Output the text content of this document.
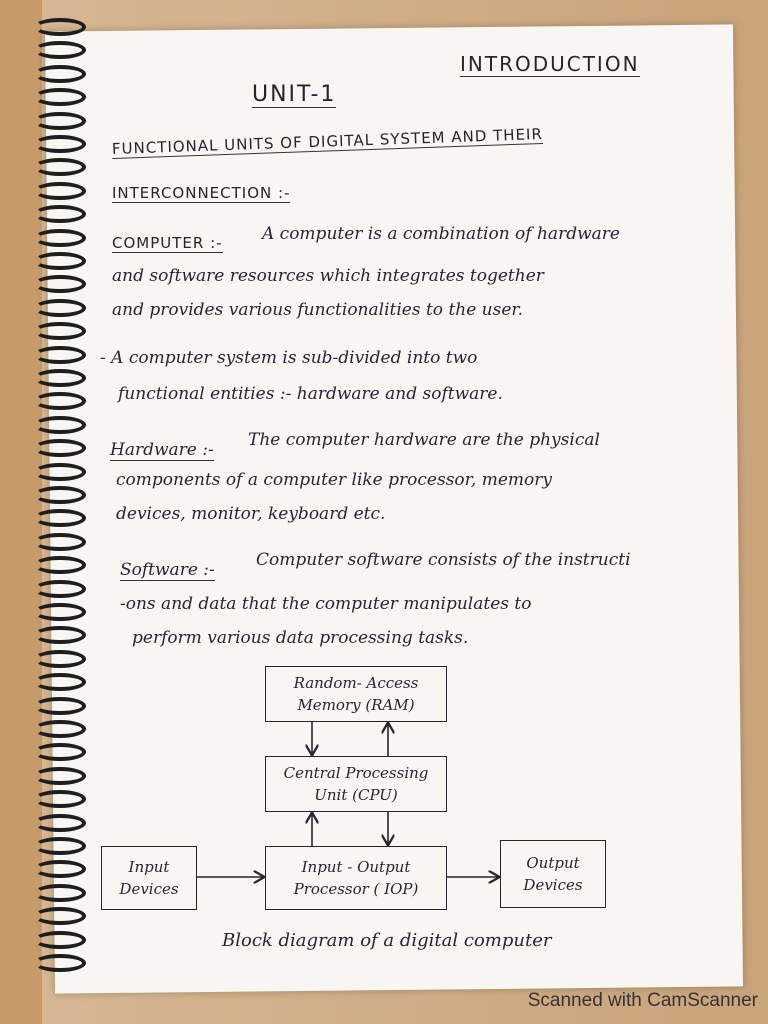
UNIT-1
INTRODUCTION
FUNCTIONAL UNITS OF DIGITAL SYSTEM AND THEIR
INTERCONNECTION :-
COMPUTER :- A computer is a combination of hardware
and software resources which integrates together
and provides various functionalities to the user.
- A computer system is sub-divided into two
functional entities :- hardware and software.
Hardware :- The computer hardware are the physical
components of a computer like processor, memory
devices, monitor, keyboard etc.
Software :- Computer software consists of the instructi
-ons and data that the computer manipulates to
perform various data processing tasks.
Random- Access
Memory (RAM)
Central Processing
Unit (CPU)
Input
Devices
Input - Output
Processor ( IOP)
Output
Devices
Block diagram of a digital computer
Scanned with CamScanner
